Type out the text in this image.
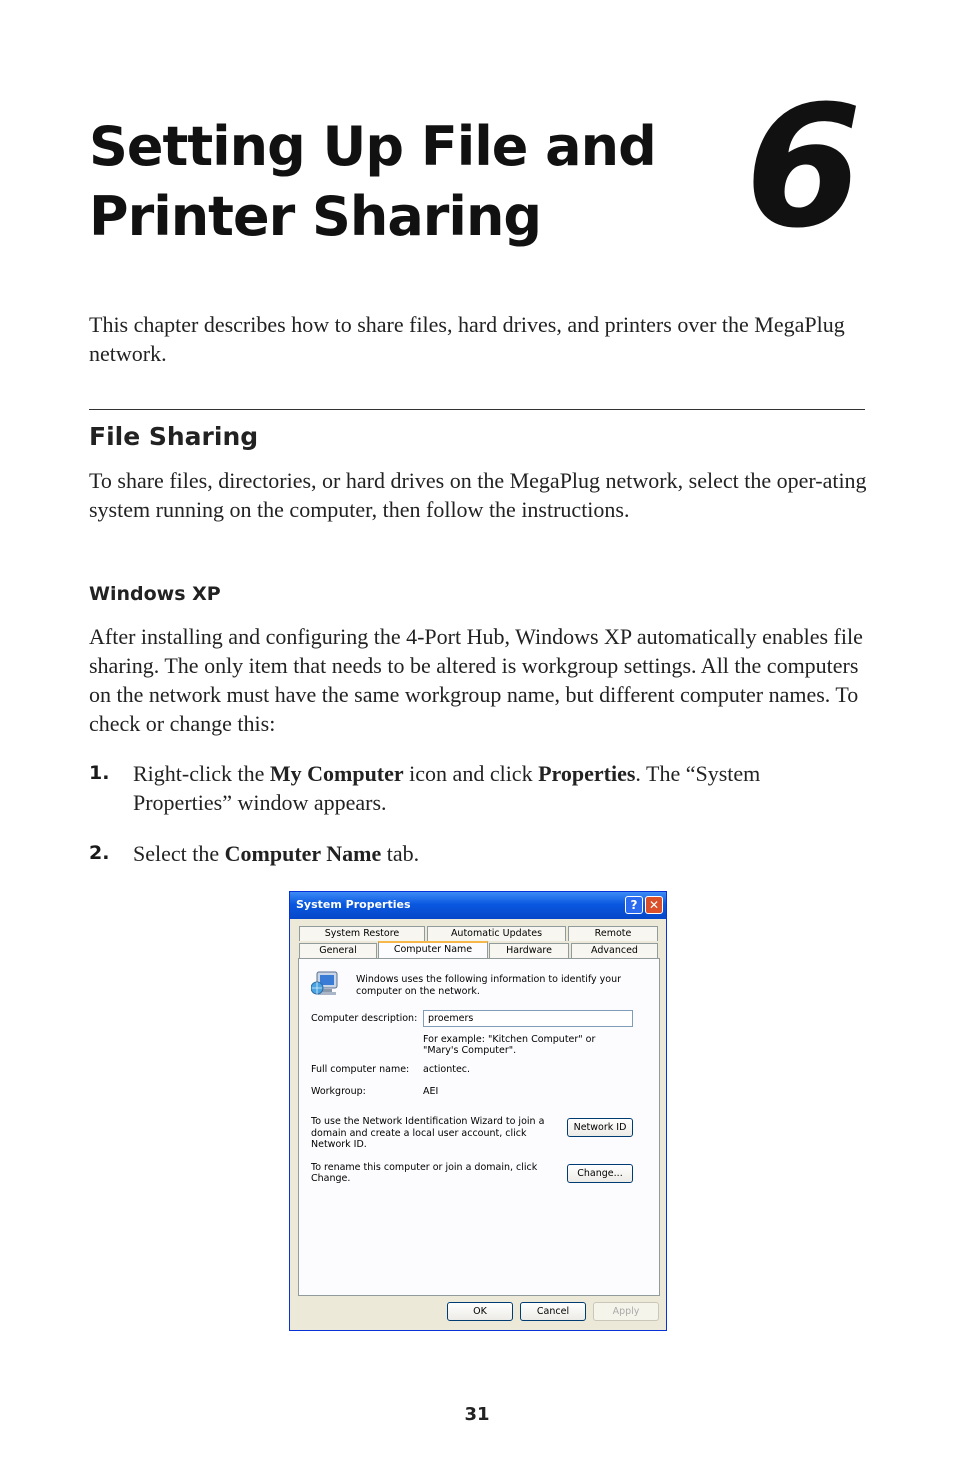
Setting Up File and
Printer Sharing	6

This chapter describes how to share files, hard drives, and printers over the MegaPlug network.

File Sharing

To share files, directories, or hard drives on the MegaPlug network, select the oper-ating system running on the computer, then follow the instructions.

Windows XP

After installing and configuring the 4-Port Hub, Windows XP automatically enables file sharing. The only item that needs to be altered is workgroup settings. All the computers on the network must have the same workgroup name, but different computer names. To check or change this:

1. Right-click the My Computer icon and click Properties. The “System Properties” window appears.

2. Select the Computer Name tab.

System Properties	? ✕
System Restore	Automatic Updates	Remote
General	Computer Name	Hardware	Advanced
Windows uses the following information to identify your computer on the network.
Computer description:	proemers
For example: "Kitchen Computer" or "Mary's Computer".
Full computer name: actiontec.
Workgroup:	AEI
To use the Network Identification Wizard to join a domain and create a local user account, click Network ID.
Network ID
To rename this computer or join a domain, click Change.	Change...
OK	Cancel	Apply
31
